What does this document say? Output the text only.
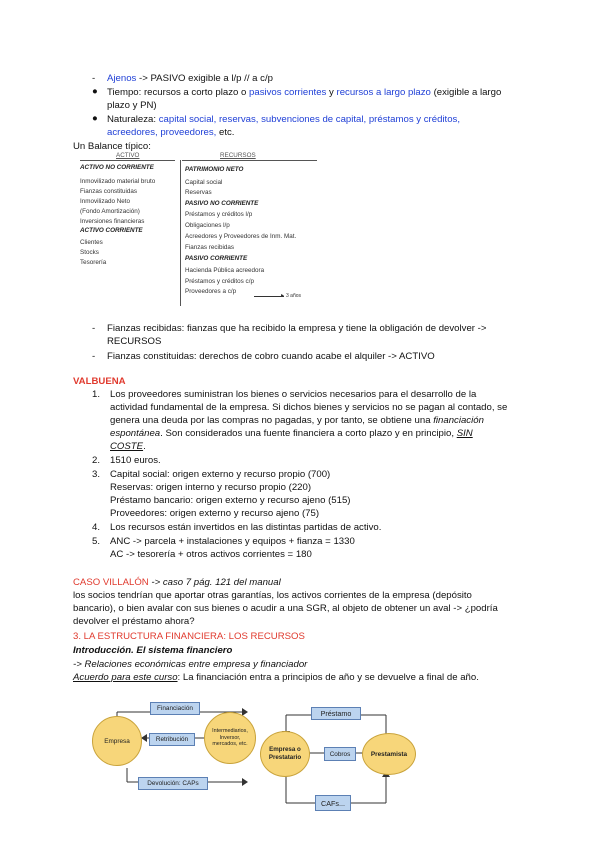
- Ajenos -> PASIVO exigible a l/p // a c/p
● Tiempo: recursos a corto plazo o pasivos corrientes y recursos a largo plazo (exigible a largo
plazo y PN)
● Naturaleza: capital social, reservas, subvenciones de capital, préstamos y créditos,
acreedores, proveedores, etc.
Un Balance típico:
ACTIVO	RECURSOS
ACTIVO NO CORRIENTE
Inmovilizado material bruto
Fianzas constituidas
Inmovilizado Neto
(Fondo Amortización)
Inversiones financieras
ACTIVO CORRIENTE
Clientes
Stocks
Tesorería
PATRIMONIO NETO
Capital social
Reservas
PASIVO NO CORRIENTE
Préstamos y créditos l/p
Obligaciones l/p
Acreedores y Proveedores de Inm. Mat.
Fianzas recibidas
PASIVO CORRIENTE
Hacienda Pública acreedora
Préstamos y créditos c/p
Proveedores a c/p
▸ 3 años
- Fianzas recibidas: fianzas que ha recibido la empresa y tiene la obligación de devolver ->
RECURSOS
- Fianzas constituidas: derechos de cobro cuando acabe el alquiler -> ACTIVO
VALBUENA
1. Los proveedores suministran los bienes o servicios necesarios para el desarrollo de la
actividad fundamental de la empresa. Si dichos bienes y servicios no se pagan al contado, se
genera una deuda por las compras no pagadas, y por tanto, se obtiene una financiación
espontánea. Son considerados una fuente financiera a corto plazo y en principio, SIN
COSTE.
2. 1510 euros.
3. Capital social: origen externo y recurso propio (700)
Reservas: origen interno y recurso propio (220)
Préstamo bancario: origen externo y recurso ajeno (515)
Proveedores: origen externo y recurso ajeno (75)
4. Los recursos están invertidos en las distintas partidas de activo.
5. ANC -> parcela + instalaciones y equipos + fianza = 1330
AC -> tesorería + otros activos corrientes = 180
CASO VILLALÓN -> caso 7 pág. 121 del manual
los socios tendrían que aportar otras garantías, los activos corrientes de la empresa (depósito
bancario), o bien avalar con sus bienes o acudir a una SGR, al objeto de obtener un aval -> ¿podría
devolver el préstamo ahora?
3. LA ESTRUCTURA FINANCIERA: LOS RECURSOS
Introducción. El sistema financiero
-> Relaciones económicas entre empresa y financiador
Acuerdo para este curso: La financiación entra a principios de año y se devuelve a final de año.
Empresa
Intermediarios, Inversor, mercados, etc.
Financiación
Retribución
Devolución: CAPs
Préstamo
Empresa o Prestatario	Cobros	Prestamista
CAFs...
